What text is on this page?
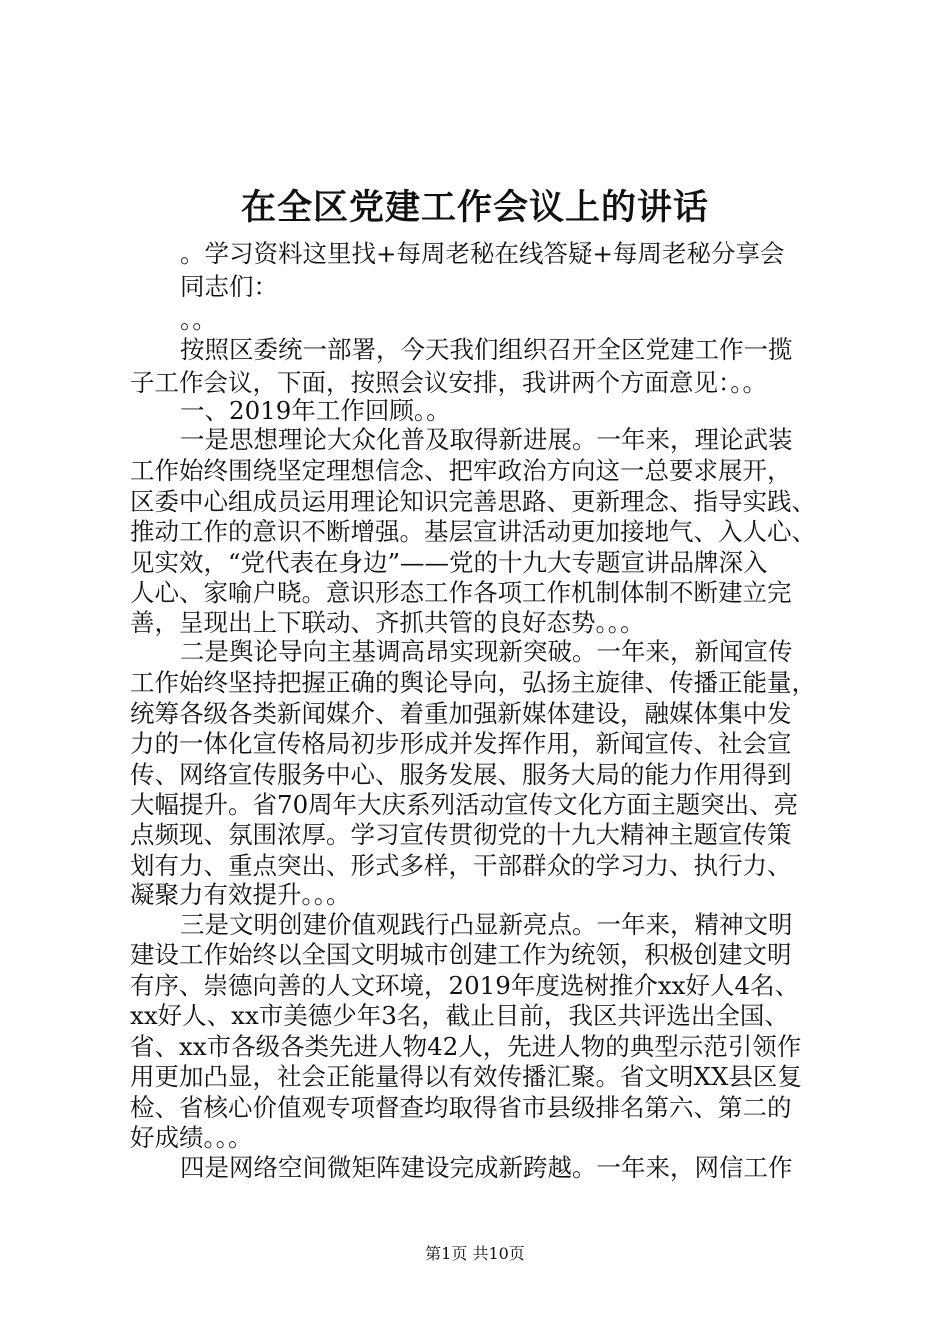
在全区党建工作会议上的讲话
。学习资料这里找+每周老秘在线答疑+每周老秘分享会
同志们：
。。
按照区委统一部署，今天我们组织召开全区党建工作一揽
子工作会议，下面，按照会议安排，我讲两个方面意见：。。
一、2019年工作回顾。。
一是思想理论大众化普及取得新进展。一年来，理论武装
工作始终围绕坚定理想信念、把牢政治方向这一总要求展开，
区委中心组成员运用理论知识完善思路、更新理念、指导实践、
推动工作的意识不断增强。基层宣讲活动更加接地气、入人心、
见实效，“党代表在身边”——党的十九大专题宣讲品牌深入
人心、家喻户晓。意识形态工作各项工作机制体制不断建立完
善，呈现出上下联动、齐抓共管的良好态势。。。
二是舆论导向主基调高昂实现新突破。一年来，新闻宣传
工作始终坚持把握正确的舆论导向，弘扬主旋律、传播正能量，
统筹各级各类新闻媒介、着重加强新媒体建设，融媒体集中发
力的一体化宣传格局初步形成并发挥作用，新闻宣传、社会宣
传、网络宣传服务中心、服务发展、服务大局的能力作用得到
大幅提升。省70周年大庆系列活动宣传文化方面主题突出、亮
点频现、氛围浓厚。学习宣传贯彻党的十九大精神主题宣传策
划有力、重点突出、形式多样，干部群众的学习力、执行力、
凝聚力有效提升。。。
三是文明创建价值观践行凸显新亮点。一年来，精神文明
建设工作始终以全国文明城市创建工作为统领，积极创建文明
有序、崇德向善的人文环境，2019年度选树推介xx好人4名、
xx好人、xx市美德少年3名，截止目前，我区共评选出全国、
省、xx市各级各类先进人物42人，先进人物的典型示范引领作
用更加凸显，社会正能量得以有效传播汇聚。省文明XX县区复
检、省核心价值观专项督查均取得省市县级排名第六、第二的
好成绩。。。
四是网络空间微矩阵建设完成新跨越。一年来，网信工作
第1页 共10页
